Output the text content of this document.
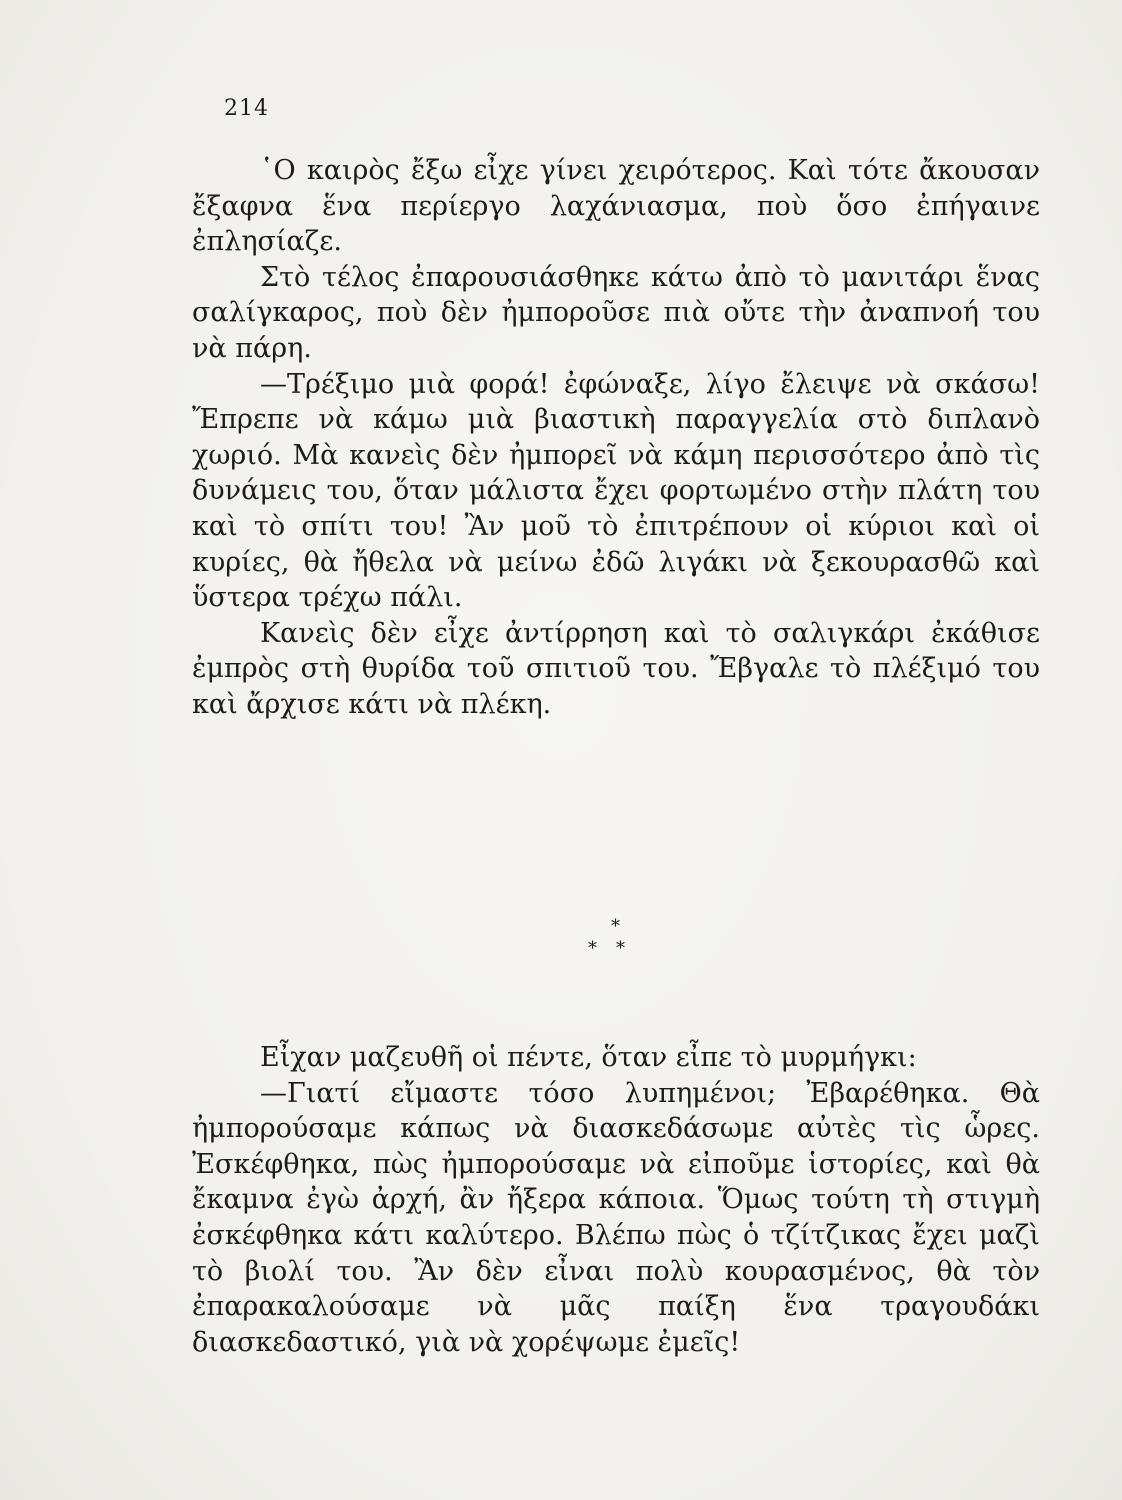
214

῾Ο καιρὸς ἔξω εἶχε γίνει χειρότερος. Καὶ τότε ἄκουσαν ἔξαφνα ἕνα περίεργο λαχάνιασμα, ποὺ ὅσο ἐπήγαινε ἐπλησίαζε.

Στὸ τέλος ἐπαρουσιάσθηκε κάτω ἀπὸ τὸ μανιτάρι ἕνας σαλίγκαρος, ποὺ δὲν ἠμποροῦσε πιὰ οὔτε τὴν ἀναπνοή του νὰ πάρη.

—Τρέξιμο μιὰ φορά! ἐφώναξε, λίγο ἔλειψε νὰ σκάσω! Ἔπρεπε νὰ κάμω μιὰ βιαστικὴ παραγγελία στὸ διπλανὸ χωριό. Μὰ κανεὶς δὲν ἠμπορεῖ νὰ κάμη περισσότερο ἀπὸ τὶς δυνάμεις του, ὅταν μάλιστα ἔχει φορτωμένο στὴν πλάτη του καὶ τὸ σπίτι του! Ἂν μοῦ τὸ ἐπιτρέπουν οἱ κύριοι καὶ οἱ κυρίες, θὰ ἤθελα νὰ μείνω ἐδῶ λιγάκι νὰ ξεκουρασθῶ καὶ ὕστερα τρέχω πάλι.

Κανεὶς δὲν εἶχε ἀντίρρηση καὶ τὸ σαλιγκάρι ἐκάθισε ἐμπρὸς στὴ θυρίδα τοῦ σπιτιοῦ του. Ἔβγαλε τὸ πλέξιμό του καὶ ἄρχισε κάτι νὰ πλέκη.

*
* *

Εἶχαν μαζευθῆ οἱ πέντε, ὅταν εἶπε τὸ μυρμήγκι:

—Γιατί εἴμαστε τόσο λυπημένοι; Ἐβαρέθηκα. Θὰ ἠμπορούσαμε κάπως νὰ διασκεδάσωμε αὐτὲς τὶς ὧρες. Ἐσκέφθηκα, πὼς ἠμπορούσαμε νὰ εἰποῦμε ἱστορίες, καὶ θὰ ἔκαμνα ἐγὼ ἀρχή, ἂν ἤξερα κάποια. Ὅμως τούτη τὴ στιγμὴ ἐσκέφθηκα κάτι καλύτερο. Βλέπω πὼς ὁ τζίτζικας ἔχει μαζὶ τὸ βιολί του. Ἂν δὲν εἶναι πολὺ κουρασμένος, θὰ τὸν ἐπαρακαλούσαμε νὰ μᾶς παίξη ἕνα τραγουδάκι διασκεδαστικό, γιὰ νὰ χορέψωμε ἐμεῖς!
